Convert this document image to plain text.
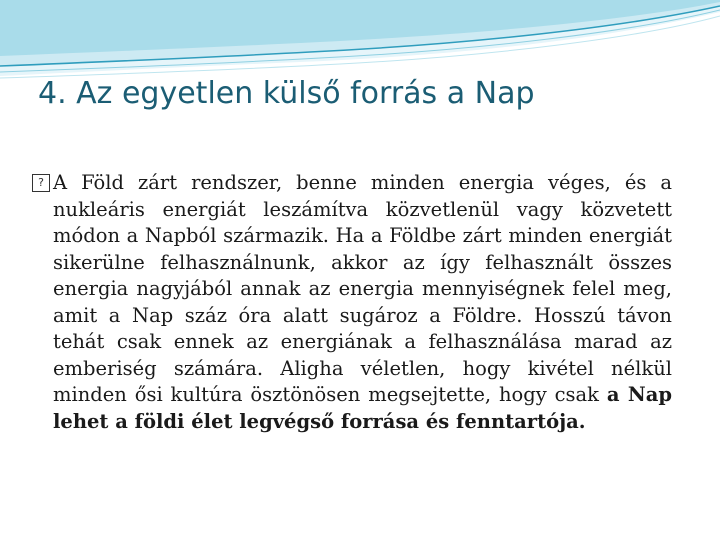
4. Az egyetlen külső forrás a Nap
? A Föld zárt rendszer, benne minden energia véges, és a nukleáris energiát leszámítva közvetlenül vagy közvetett módon a Napból származik. Ha a Földbe zárt minden energiát sikerülne felhasználnunk, akkor az így felhasznált összes energia nagyjából annak az energia mennyiségnek felel meg, amit a Nap száz óra alatt sugároz a Földre. Hosszú távon tehát csak ennek az energiának a felhasználása marad az emberiség számára. Aligha véletlen, hogy kivétel nélkül minden ősi kultúra ösztönösen megsejtette, hogy csak a Nap lehet a földi élet legvégső forrása és fenntartója.
